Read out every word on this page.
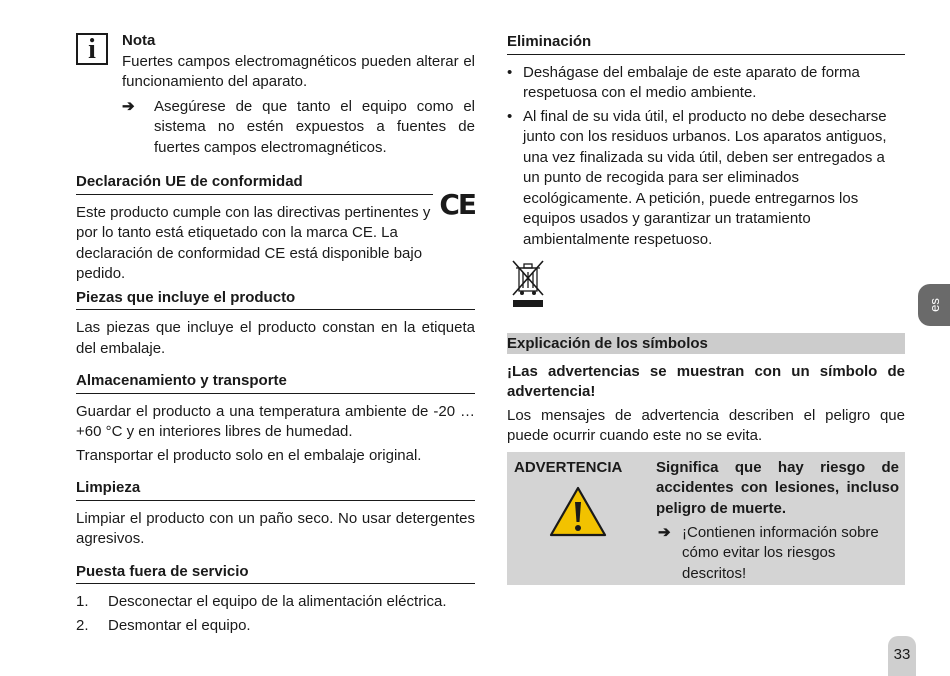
i	Nota

Fuertes campos electromagnéticos pueden alterar el funcionamiento del aparato.

➔ Asegúrese de que tanto el equipo como el sistema no estén expuestos a fuentes de fuertes campos electromagnéticos.

Declaración UE de conformidad
CE

Este producto cumple con las directivas pertinentes y por lo tanto está etiquetado con la marca CE. La declaración de conformidad CE está disponible bajo pedido.

Piezas que incluye el producto

Las piezas que incluye el producto constan en la etiqueta del embalaje.

Almacenamiento y transporte

Guardar el producto a una temperatura ambiente de -20 … +60 °C y en interiores libres de humedad.

Transportar el producto solo en el embalaje original.

Limpieza

Limpiar el producto con un paño seco. No usar detergentes agresivos.

Puesta fuera de servicio
1. Desconectar el equipo de la alimentación eléctrica.
2. Desmontar el equipo.
Eliminación
• Deshágase del embalaje de este aparato de forma respetuosa con el medio ambiente.
• Al final de su vida útil, el producto no debe desecharse junto con los residuos urbanos. Los aparatos antiguos, una vez finalizada su vida útil, deben ser entregados a un punto de recogida para ser eliminados ecológicamente. A petición, puede entregarnos los equipos usados y garantizar un tratamiento ambientalmente respetuoso.
Explicación de los símbolos

¡Las advertencias se muestran con un símbolo de advertencia!

Los mensajes de advertencia describen el peligro que puede ocurrir cuando este no se evita.

ADVERTENCIA Significa que hay riesgo de accidentes con lesiones, incluso peligro de muerte.

➔ ¡Contienen información sobre cómo evitar los riesgos descritos!

es
33
